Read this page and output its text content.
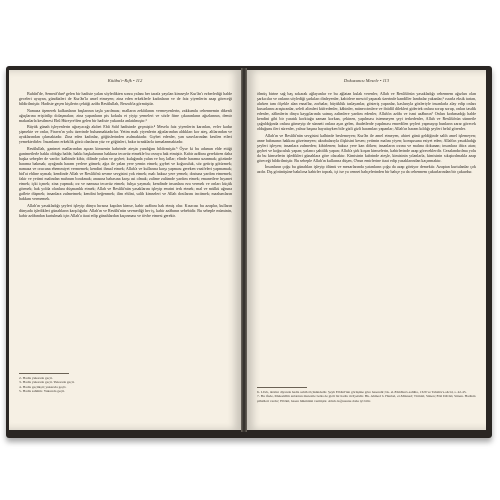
Kitâbu'r-Rıfk • 112

Buhûrî'de, Semerâ'dan² gelen bir hadiste yalan söyledikten sonra yalanı her tarafa yayılan kimseyle Kur'ân'ı ezberlediği halde geceleri uyuyan, gündüzleri de Kur'ân'la amel etmeyen; zina eden erkeklerle kadınların ve de faiz yiyenlerin azap göreceği bildirilmiştir. Hadiste geçen kişilerin çektiği azâbı Resûlullah, Berzah'ta görmüştür.

Namaza üşenerek kalkanların başlarının taşla yarılması; malların zekâtlarını vermeyenlerin, zakkumlu cehennemin dikenli ağaçlarına eriştirilip dolaşmaları; zina yapanların pis kokulu et yiyip yemeleri ve sözle fitne çıkaranların ağızlarının, demir makaslarla kesilmesi Ebû Hüreyre'den gelen bir hadiste yukarıda anlatılmıştır.³

Büyük günah işleyenlerin uğrayacağı akıbet Ebû Saîd hadisinde geçmiştir.⁴ Mesela faiz yiyenlerin karınları, evler kadar şişmekte ve onlar, Firavn'ın yolu üzerinde bulunmaktadırlar. Yetim malı yiyenlerin ağızlarından aldıkları kor ateş, altlarından ve ayaklarından çıkmaktadır. Zina eden kadınlar, göğüslerinden asılmaktadır. Gıybet edenler, yan uzuvlarından kesilen etleri yemektedirler. İnsanların erkeklik gözü olanların yüz ve göğüsleri, bakır tırnaklarla tırmalanmaktadır.

Resûlullah, ganimet mallarından aşıran kimsenin kabrinde ateşin yandığını bildirmiştir.⁵ Öyse ki bu adamın elde ettiği ganimetlerle hakkı olduğu halde, hakkı başkalarının hakkına tecavüz etmekle bu cezaya hak etmiştir. Kabir azâbını gerektiren daha başka sebepler de vardır: kalbinde kibir, dilinde yalan ve gıybet; kulağında yalan ve boş laflar; elinde harama uzanmak; gözünde harama bakmak; ayağında haram yerlere gitmek; ağız ile yalan yere yemin etmek; gıybet ve koğuculuk, söz getirip götürmek; namaza ve orucuna ehemmiyet vermemek; kendini ihmal etmek; Allah'a ve kullarına karşı yapması gereken vazifeleri yapmamak; bid'at ehline uymak; kendinde Allah ve Resûlü'nü sevme sevgisini yok etmek; malı haksız yere yemek; dostuna yardım etmemek; fakir ve yetimi malından mahrum bırakmak; anasına babasına karşı asi olmak; zalime zulümde yardım etmek; emanetlere hıyanet etmek; içki içmek; zina yapmak; ırz ve namusa tecavüz etmek; fuhşu yaymak; kendinde insanlara eza vermek ve onları küçük görmek; hak yolda olanlara düşmanlık etmek; Allah ve Resûlü'nün yasaklarını işleyip emrini terk etmek; mal ve mülkü uğruna gaflete düşmek; insanlara zulmetmek; kendini beğenmek; ilim ehlini, salih kimseleri ve Allah dostlarını incitmek; mazlumların hakkını vermemek.

Allah'ın yasakladığı şeyleri işleyip dünya hırsına kapılan kimse, kabir azâbını hak etmiş olur. Kısacası bu azaplar, kulların dünyada işledikleri günahların karşılığıdır. Allah'ın ve Resûlü'nün sevmediği her iş, kabir azâbının sebebidir. Bu sebeple müminin, kabir azâbından kurtulmak için Allah'a itaat edip günahlardan kaçınması ve tövbe etmesi gerekir.

2- Hadis yukarıda geçti.
3- Hadis yukarıda geçti. Yukarıda geçti.
4- Hadis geçmişti; yukarıda geçti.
5- Hadis sahihtir. Yukarıda geçti.
Dokuzuncu Mesele • 113

ölmüş birine sağ baş sokarak ağlayanlar ve bu ağlatan kulak verenler, Allah ve Resûlü'nün yasakladığı cehennem ağızları olan şarkıcılar ve onların söylediği şarkıları dinleyenler, kabirlere mescid yaparak üzerinde kandiller lambalar yakanlar,⁶ ısrarla eksik tartan, alırken tam ölçekle alan esnaflar, zorbalar, büyüklük taslayanlar, gösteriş yapanlar, kaslarıyla gözleriyle insanlarla alay edip onları kusurlarını araştıranlar, selefi alimleri küfredenler, kâhinler, müneccimlere ve ibtidâî dilekleri gidertek onlara sorup sorup, onları tasdik edenler, zâlimlerin dinya kaygılarında satmış zalimlere yardım edenler, Allah'ın azâbı ve ismi azâbının⁷ Onları korkmadığı halde kendini gibi bir yaratık korktuğu zaman korkan, çekinen, yapılması istenmeyen şeyi terkedenler, Allah ve Resûlü'nün sünnetle çağrıldığında onlara gitmeyip de sünneti onlara aşırı gelen, ibadetlerde yapılması emredilen şeyleri yapmayıp bunların zarar görecek olduğunu ileri sürenler, yalnız başına hayattayken bile gizli gizli haramları yapanlar; Allah'ın haram kıldığı şeyleri helal görenler.

Allah'ın ve Resûlü'nün sevgisini kalbinde beslemeyen; Kur'ân ile amel etmeyen, ahiret günü geldiğinde salih amel işlemeyen; anne babasının hakkını gözetmeyen; akrabalarıyla ilişkisini kesen; yetimin malını yiyen; komşusuna eziyet eden; Allah'ın yasakladığı şeyleri işleyen; insanlara zulmeden; kibirlenen; haksız yere kan döken; insanların ırzına ve malına dokunan; insanlara iftira atan; gıybet ve koğuculuk yapan; yalancı şahitlik yapan; Allah'a şirk koşan kimselerin, kabirlerinde azap göreceklerdir. Cezalandırılma yolu da bu kimselerin işledikleri günahlara göre olacaktır. Kimisinin kabrinde ateşle, kimisinin yılanlarla, kimisinin sıkıştırılmakla azap göreceği bildirilmiştir. Bu sebeple Allah'ın kullarına düşen, O'nun emirlerine itaat edip yasaklarından kaçınmaktır.

İnsanların çoğu bu günahları işleyip ölümü ve mezarlarında yatanların çoğu da azap görüyor demektir. Azaptan kurtulanlar çok azdır. Dış görünüşüne bakılırsa kabirler toprak, içi ise ya cennet bahçelerinden bir bahçe ya da cehennem çukurlarından bir çukurdur.

6- Lâvlı, iktidar diyanda hadis sahih ölçüsündedir. Şeyh Elbânî'nin görüşüne göre hasendir; bk. el-Ehâdîsu's-sahîha, 1329 ve Tahzîru's-sâcid, s. 42-45.
7- Bu ifade, Mukaddîm anlatılan mutezile belkı de gizli bir hadis rivâyetidir. Bk. Ahmed b. Hanbel, el-Müsned; Tirmizî, Sünen; Ebû Dâvûd, Sünen. Hadisin şâhidleri vardır; Elbânî, hasen hükmünü vermiştir. Allah doğrusunu daha iyi bilir.
